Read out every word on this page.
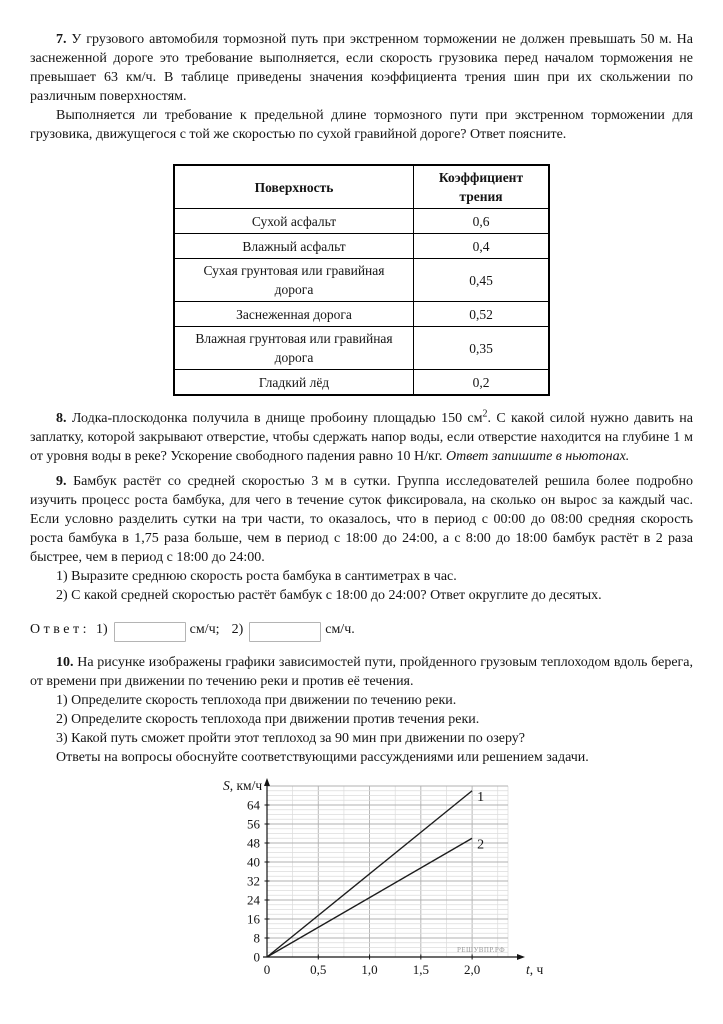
7. У грузового автомобиля тормозной путь при экстренном торможении не должен превышать 50 м. На заснеженной дороге это требование выполняется, если скорость грузовика перед началом торможения не превышает 63 км/ч. В таблице приведены значения коэффициента трения шин при их скольжении по различным поверхностям.

Выполняется ли требование к предельной длине тормозного пути при экстренном торможении для грузовика, движущегося с той же скоростью по сухой гравийной дороге? Ответ поясните.

Поверхность	Коэффициент трения
Сухой асфальт	0,6
Влажный асфальт	0,4
Сухая грунтовая или гравийная дорога	0,45
Заснеженная дорога	0,52
Влажная грунтовая или гравийная дорога	0,35
Гладкий лёд	0,2

8. Лодка-плоскодонка получила в днище пробоину площадью 150 $см^2$. С какой силой нужно давить на заплатку, которой закрывают отверстие, чтобы сдержать напор воды, если отверстие находится на глубине 1 м от уровня воды в реке? Ускорение свободного падения равно 10 Н/кг. Ответ запишите в ньютонах.

9. Бамбук растёт со средней скоростью 3 м в сутки. Группа исследователей решила более подробно изучить процесс роста бамбука, для чего в течение суток фиксировала, на сколько он вырос за каждый час. Если условно разделить сутки на три части, то оказалось, что в период с 00:00 до 08:00 средняя скорость роста бамбука в 1,75 раза больше, чем в период с 18:00 до 24:00, а с 8:00 до 18:00 бамбук растёт в 2 раза быстрее, чем в период с 18:00 до 24:00.

1) Выразите среднюю скорость роста бамбука в сантиметрах в час.

2) С какой средней скоростью растёт бамбук с 18:00 до 24:00? Ответ округлите до десятых.

Ответ: 1)	см/ч; 2)	см/ч.

10. На рисунке изображены графики зависимостей пути, пройденного грузовым теплоходом вдоль берега, от времени при движении по течению реки и против её течения.

1) Определите скорость теплохода при движении по течению реки.

2) Определите скорость теплохода при движении против течения реки.

3) Какой путь сможет пройти этот теплоход за 90 мин при движении по озеру?

Ответы на вопросы обоснуйте соответствующими рассуждениями или решением задачи.

0	0,5	1,0	1,5	2,0
0
8
16
24
32
40
48
56
64
РЕШУВПР.РФ
1
2
S, км/ч
t, ч
